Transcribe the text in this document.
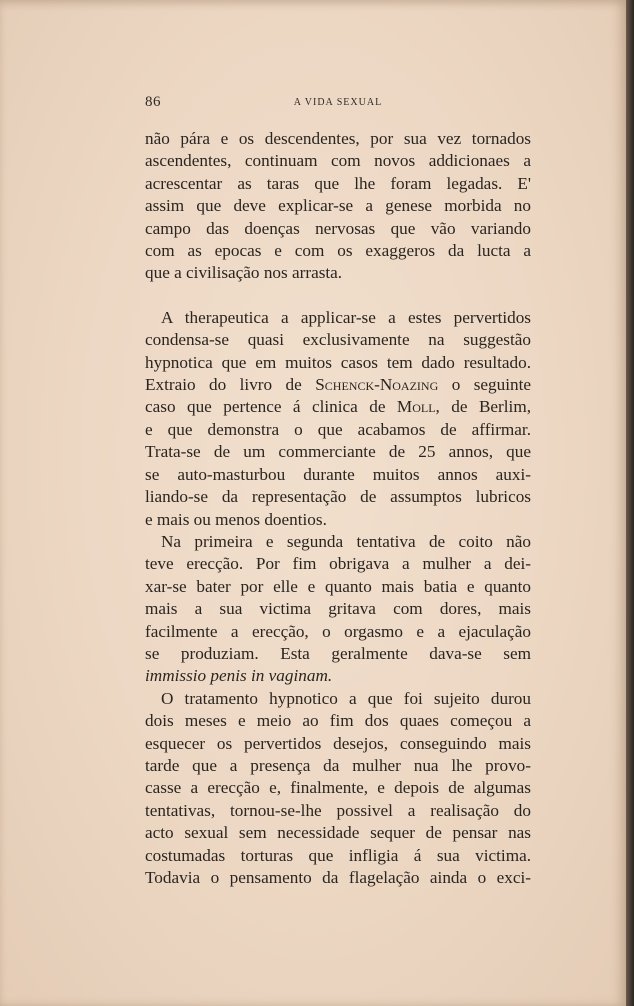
86	A VIDA SEXUAL

não pára e os descendentes, por sua vez tornados

ascendentes, continuam com novos addicionaes a

acrescentar as taras que lhe foram legadas. E'

assim que deve explicar-se a genese morbida no

campo das doenças nervosas que vão variando

com as epocas e com os exaggeros da lucta a

que a civilisação nos arrasta.

A therapeutica a applicar-se a estes pervertidos

condensa-se quasi exclusivamente na suggestão

hypnotica que em muitos casos tem dado resultado.

Extraio do livro de Schenck-Noazing o seguinte

caso que pertence á clinica de Moll, de Berlim,

e que demonstra o que acabamos de affirmar.

Trata-se de um commerciante de 25 annos, que

se auto-masturbou durante muitos annos auxi-

liando-se da representação de assumptos lubricos

e mais ou menos doentios.

Na primeira e segunda tentativa de coito não

teve erecção. Por fim obrigava a mulher a dei-

xar-se bater por elle e quanto mais batia e quanto

mais a sua victima gritava com dores, mais

facilmente a erecção, o orgasmo e a ejaculação

se produziam. Esta geralmente dava-se sem

immissio penis in vaginam.

O tratamento hypnotico a que foi sujeito durou

dois meses e meio ao fim dos quaes começou a

esquecer os pervertidos desejos, conseguindo mais

tarde que a presença da mulher nua lhe provo-

casse a erecção e, finalmente, e depois de algumas

tentativas, tornou-se-lhe possivel a realisação do

acto sexual sem necessidade sequer de pensar nas

costumadas torturas que infligia á sua victima.

Todavia o pensamento da flagelação ainda o exci-
